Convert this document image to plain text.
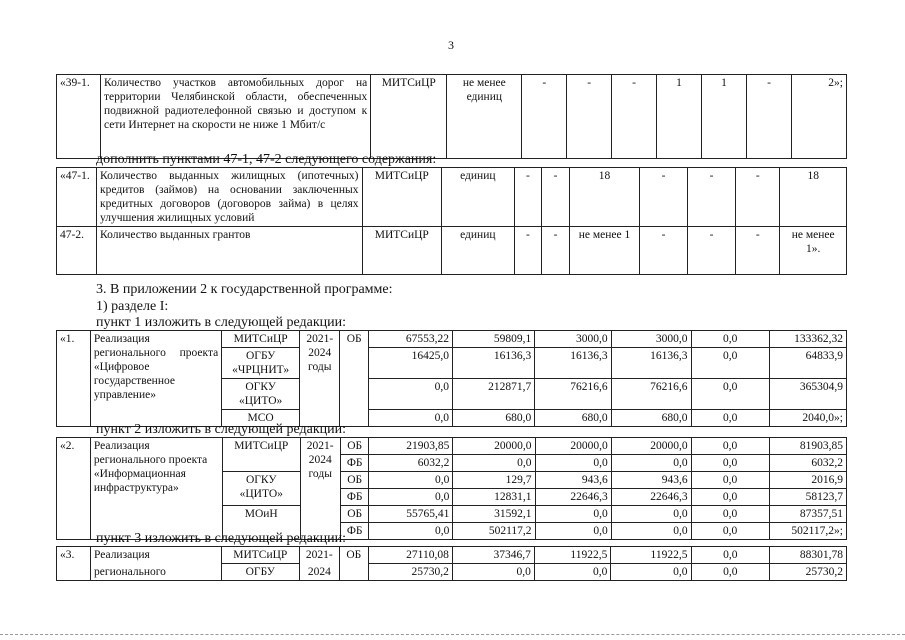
3
«39-1.	Количество участков автомобильных дорог на территории Челябинской области, обеспеченных подвижной радиотелефонной связью и доступом к сети Интернет на скорости не ниже 1 Мбит/с	МИТСиЦР	не менее единиц	-	-	-	1	1	-	2»;
дополнить пунктами 47-1, 47-2 следующего содержания:
«47-1.	Количество выданных жилищных (ипотечных) кредитов (займов) на основании заключенных кредитных договоров (договоров займа) в целях улучшения жилищных условий	МИТСиЦР	единиц	-	-	18	-	-	-	18
47-2.	Количество выданных грантов	МИТСиЦР	единиц	-	-	не менее 1	-	-	-	не менее 1».
3. В приложении 2 к государственной программе:
1) разделе I:
пункт 1 изложить в следующей редакции:
«1.	Реализация регионального проекта «Цифровое государственное управление»	МИТСиЦР	2021-2024 годы	ОБ	67553,22	59809,1	3000,0	3000,0	0,0	133362,32
		ОГБУ «ЧРЦНИТ»			16425,0	16136,3	16136,3	16136,3	0,0	64833,9
		ОГКУ «ЦИТО»			0,0	212871,7	76216,6	76216,6	0,0	365304,9
		МСО			0,0	680,0	680,0	680,0	0,0	2040,0»;
пункт 2 изложить в следующей редакции:
«2.	Реализация регионального проекта «Информационная инфраструктура»	МИТСиЦР	2021-2024 годы	ОБ	21903,85	20000,0	20000,0	20000,0	0,0	81903,85
				ФБ	6032,2	0,0	0,0	0,0	0,0	6032,2
		ОГКУ «ЦИТО»		ОБ	0,0	129,7	943,6	943,6	0,0	2016,9
				ФБ	0,0	12831,1	22646,3	22646,3	0,0	58123,7
		МОиН		ОБ	55765,41	31592,1	0,0	0,0	0,0	87357,51
				ФБ	0,0	502117,2	0,0	0,0	0,0	502117,2»;
пункт 3 изложить в следующей редакции:
«3.	Реализация	МИТСиЦР	2021-	ОБ	27110,08	37346,7	11922,5	11922,5	0,0	88301,78
	регионального	ОГБУ	2024		25730,2	0,0	0,0	0,0	0,0	25730,2
